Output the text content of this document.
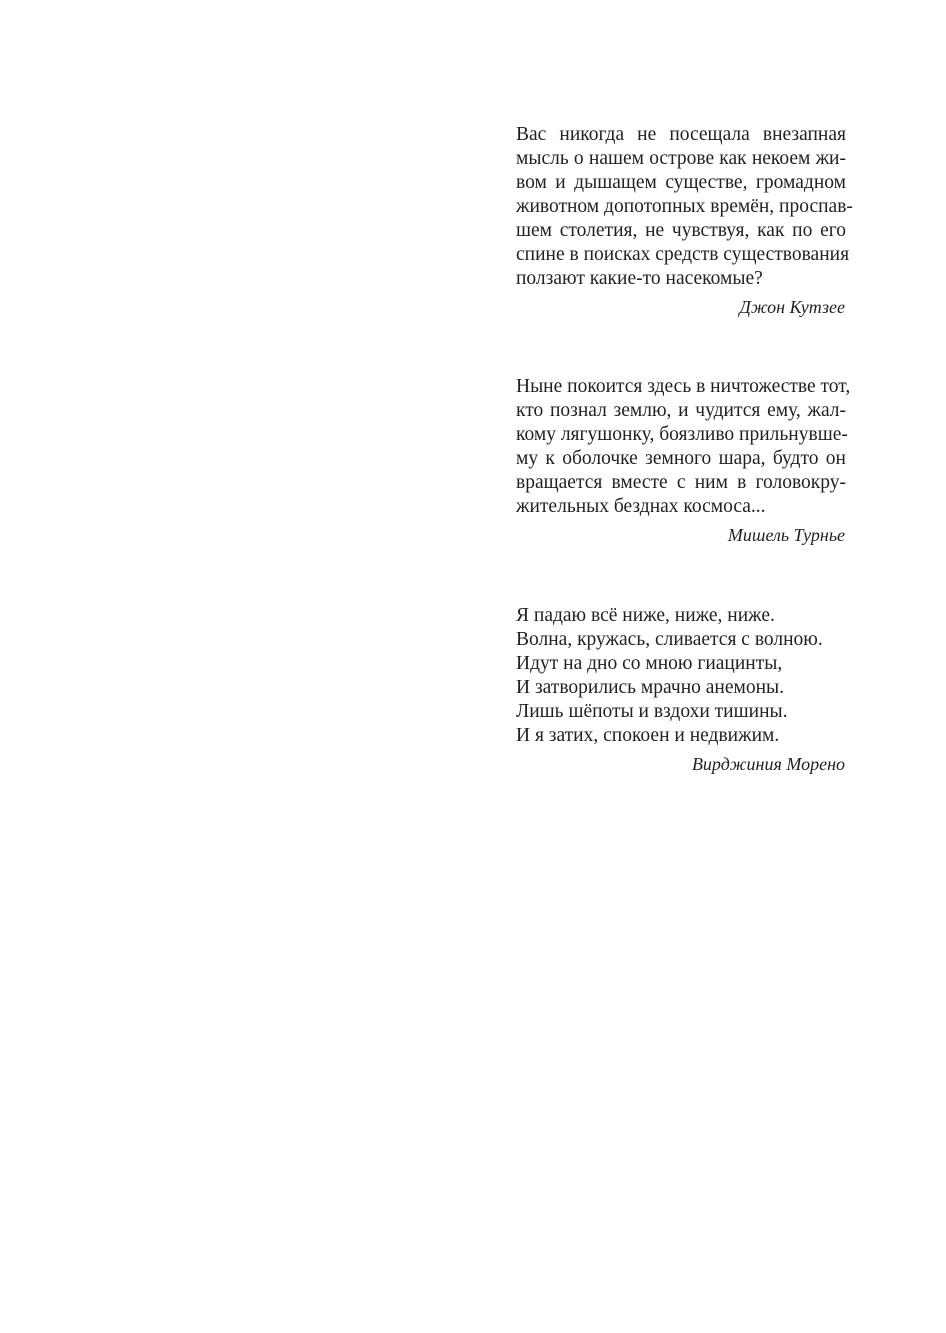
Вас никогда не посещала внезапная
мысль о нашем острове как некоем жи-
вом и дышащем существе, громадном
животном допотопных времён, проспав-
шем столетия, не чувствуя, как по его
спине в поисках средств существования
ползают какие-то насекомые?
Джон Кутзее
Ныне покоится здесь в ничтожестве тот,
кто познал землю, и чудится ему, жал-
кому лягушонку, боязливо прильнувше-
му к оболочке земного шара, будто он
вращается вместе с ним в головокру-
жительных безднах космоса...
Мишель Турнье
Я падаю всё ниже, ниже, ниже.
Волна, кружась, сливается с волною.
Идут на дно со мною гиацинты,
И затворились мрачно анемоны.
Лишь шёпоты и вздохи тишины.
И я затих, спокоен и недвижим.
Вирджиния Морено
